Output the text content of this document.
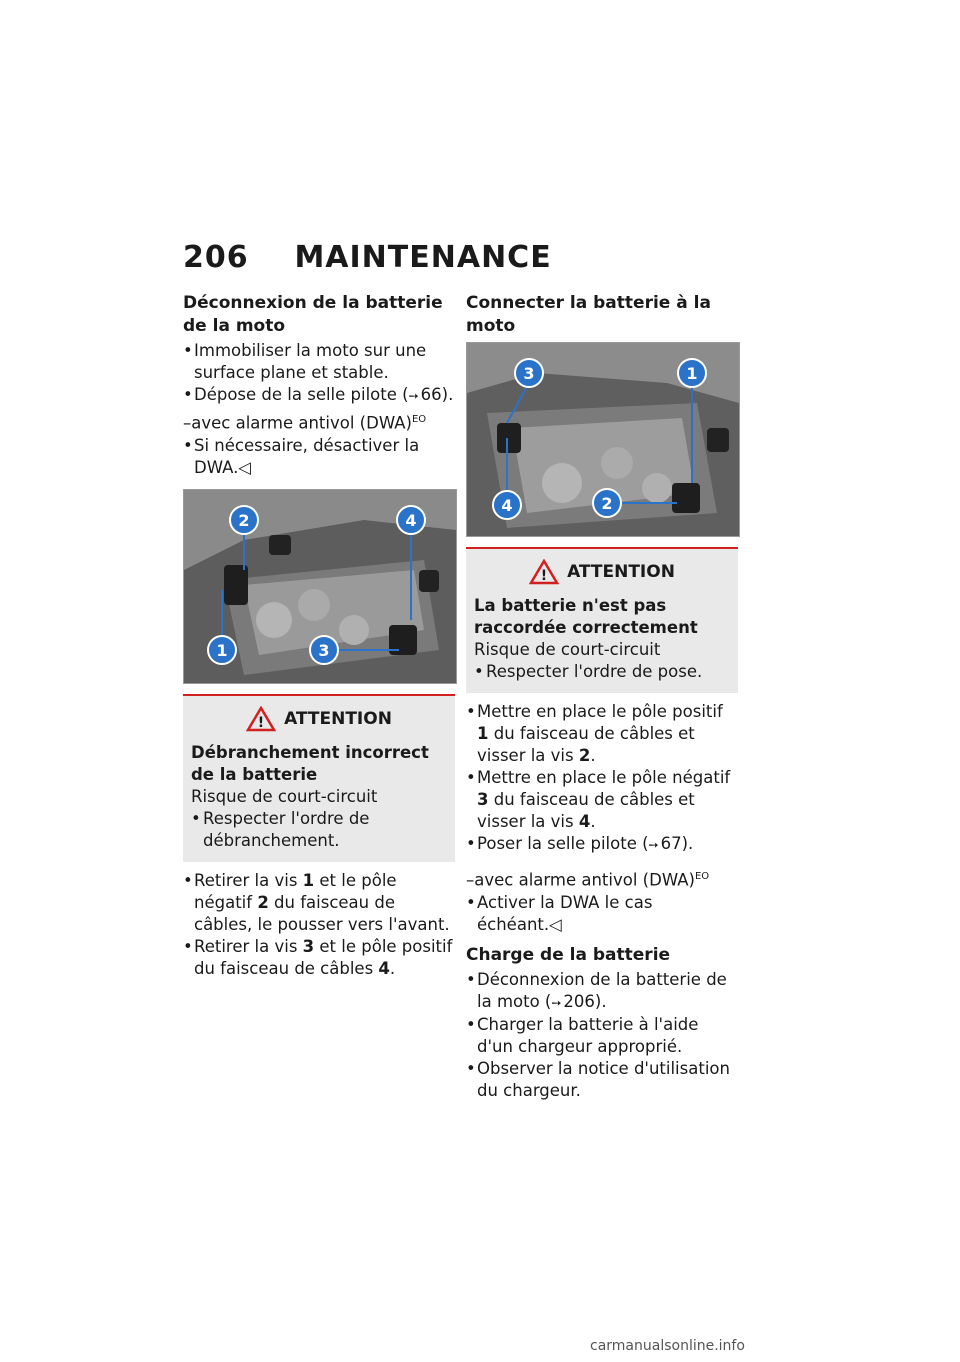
206 MAINTENANCE

Déconnexion de la batterie de la moto

• Immobiliser la moto sur une surface plane et stable.

• Dépose de la selle pilote (➙ 66).

–avec alarme antivol (DWA)$^{EO}$

• Si nécessaire, désactiver la DWA.◁

2	4
1	3
! ATTENTION

Débranchement incorrect de la batterie

Risque de court-circuit

• Respecter l'ordre de débranchement.

• Retirer la vis 1 et le pôle négatif 2 du faisceau de câbles, le pousser vers l'avant.

• Retirer la vis 3 et le pôle positif du faisceau de câbles 4.

Connecter la batterie à la moto

3	1
4	2
! ATTENTION

La batterie n'est pas raccordée correctement

Risque de court-circuit

• Respecter l'ordre de pose.

• Mettre en place le pôle positif 1 du faisceau de câbles et visser la vis 2.

• Mettre en place le pôle négatif 3 du faisceau de câbles et visser la vis 4.

• Poser la selle pilote (➙ 67).

–avec alarme antivol (DWA)$^{EO}$

• Activer la DWA le cas échéant.◁

Charge de la batterie

• Déconnexion de la batterie de la moto (➙ 206).

• Charger la batterie à l'aide d'un chargeur approprié.

• Observer la notice d'utilisation du chargeur.

carmanualsonline.info
